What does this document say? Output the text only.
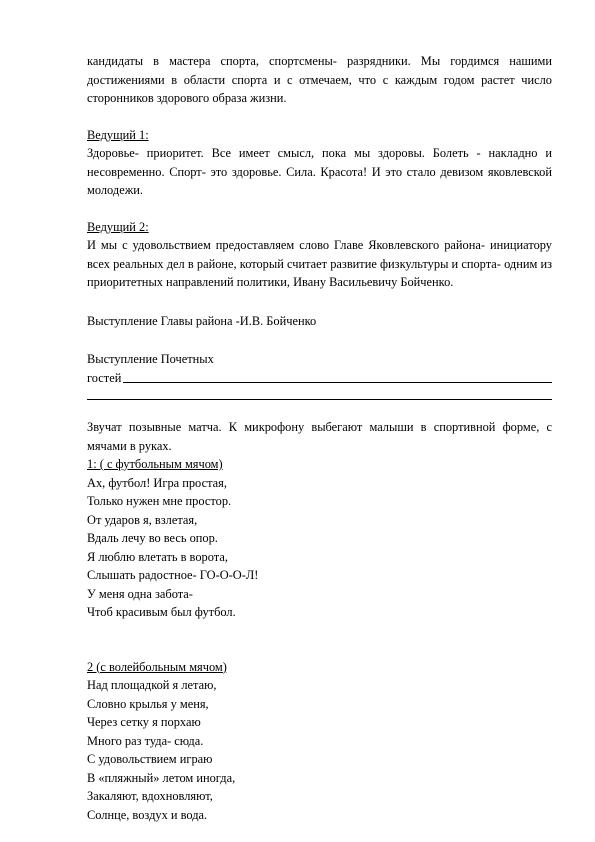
кандидаты в мастера спорта, спортсмены- разрядники. Мы гордимся нашими достижениями в области спорта и с отмечаем, что с каждым годом растет число сторонников здорового образа жизни.

Ведущий 1:

Здоровье- приоритет. Все имеет смысл, пока мы здоровы. Болеть - накладно и несовременно. Спорт- это здоровье. Сила. Красота! И это стало девизом яковлевской молодежи.

Ведущий 2:

И мы с удовольствием предоставляем слово Главе Яковлевского района- инициатору всех реальных дел в районе, который считает развитие физкультуры и спорта- одним из приоритетных направлений политики, Ивану Васильевичу Бойченко.

Выступление Главы района -И.В. Бойченко

Выступление Почетных

гостей

Звучат позывные матча. К микрофону выбегают малыши в спортивной форме, с мячами в руках.

1: ( с футбольным мячом)

Ах, футбол! Игра простая,

Только нужен мне простор.

От ударов я, взлетая,

Вдаль лечу во весь опор.

Я люблю влетать в ворота,

Слышать радостное- ГО-О-О-Л!

У меня одна забота-

Чтоб красивым был футбол.

2 (с волейбольным мячом)

Над площадкой я летаю,

Словно крылья у меня,

Через сетку я порхаю

Много раз туда- сюда.

С удовольствием играю

В «пляжный» летом иногда,

Закаляют, вдохновляют,

Солнце, воздух и вода.
